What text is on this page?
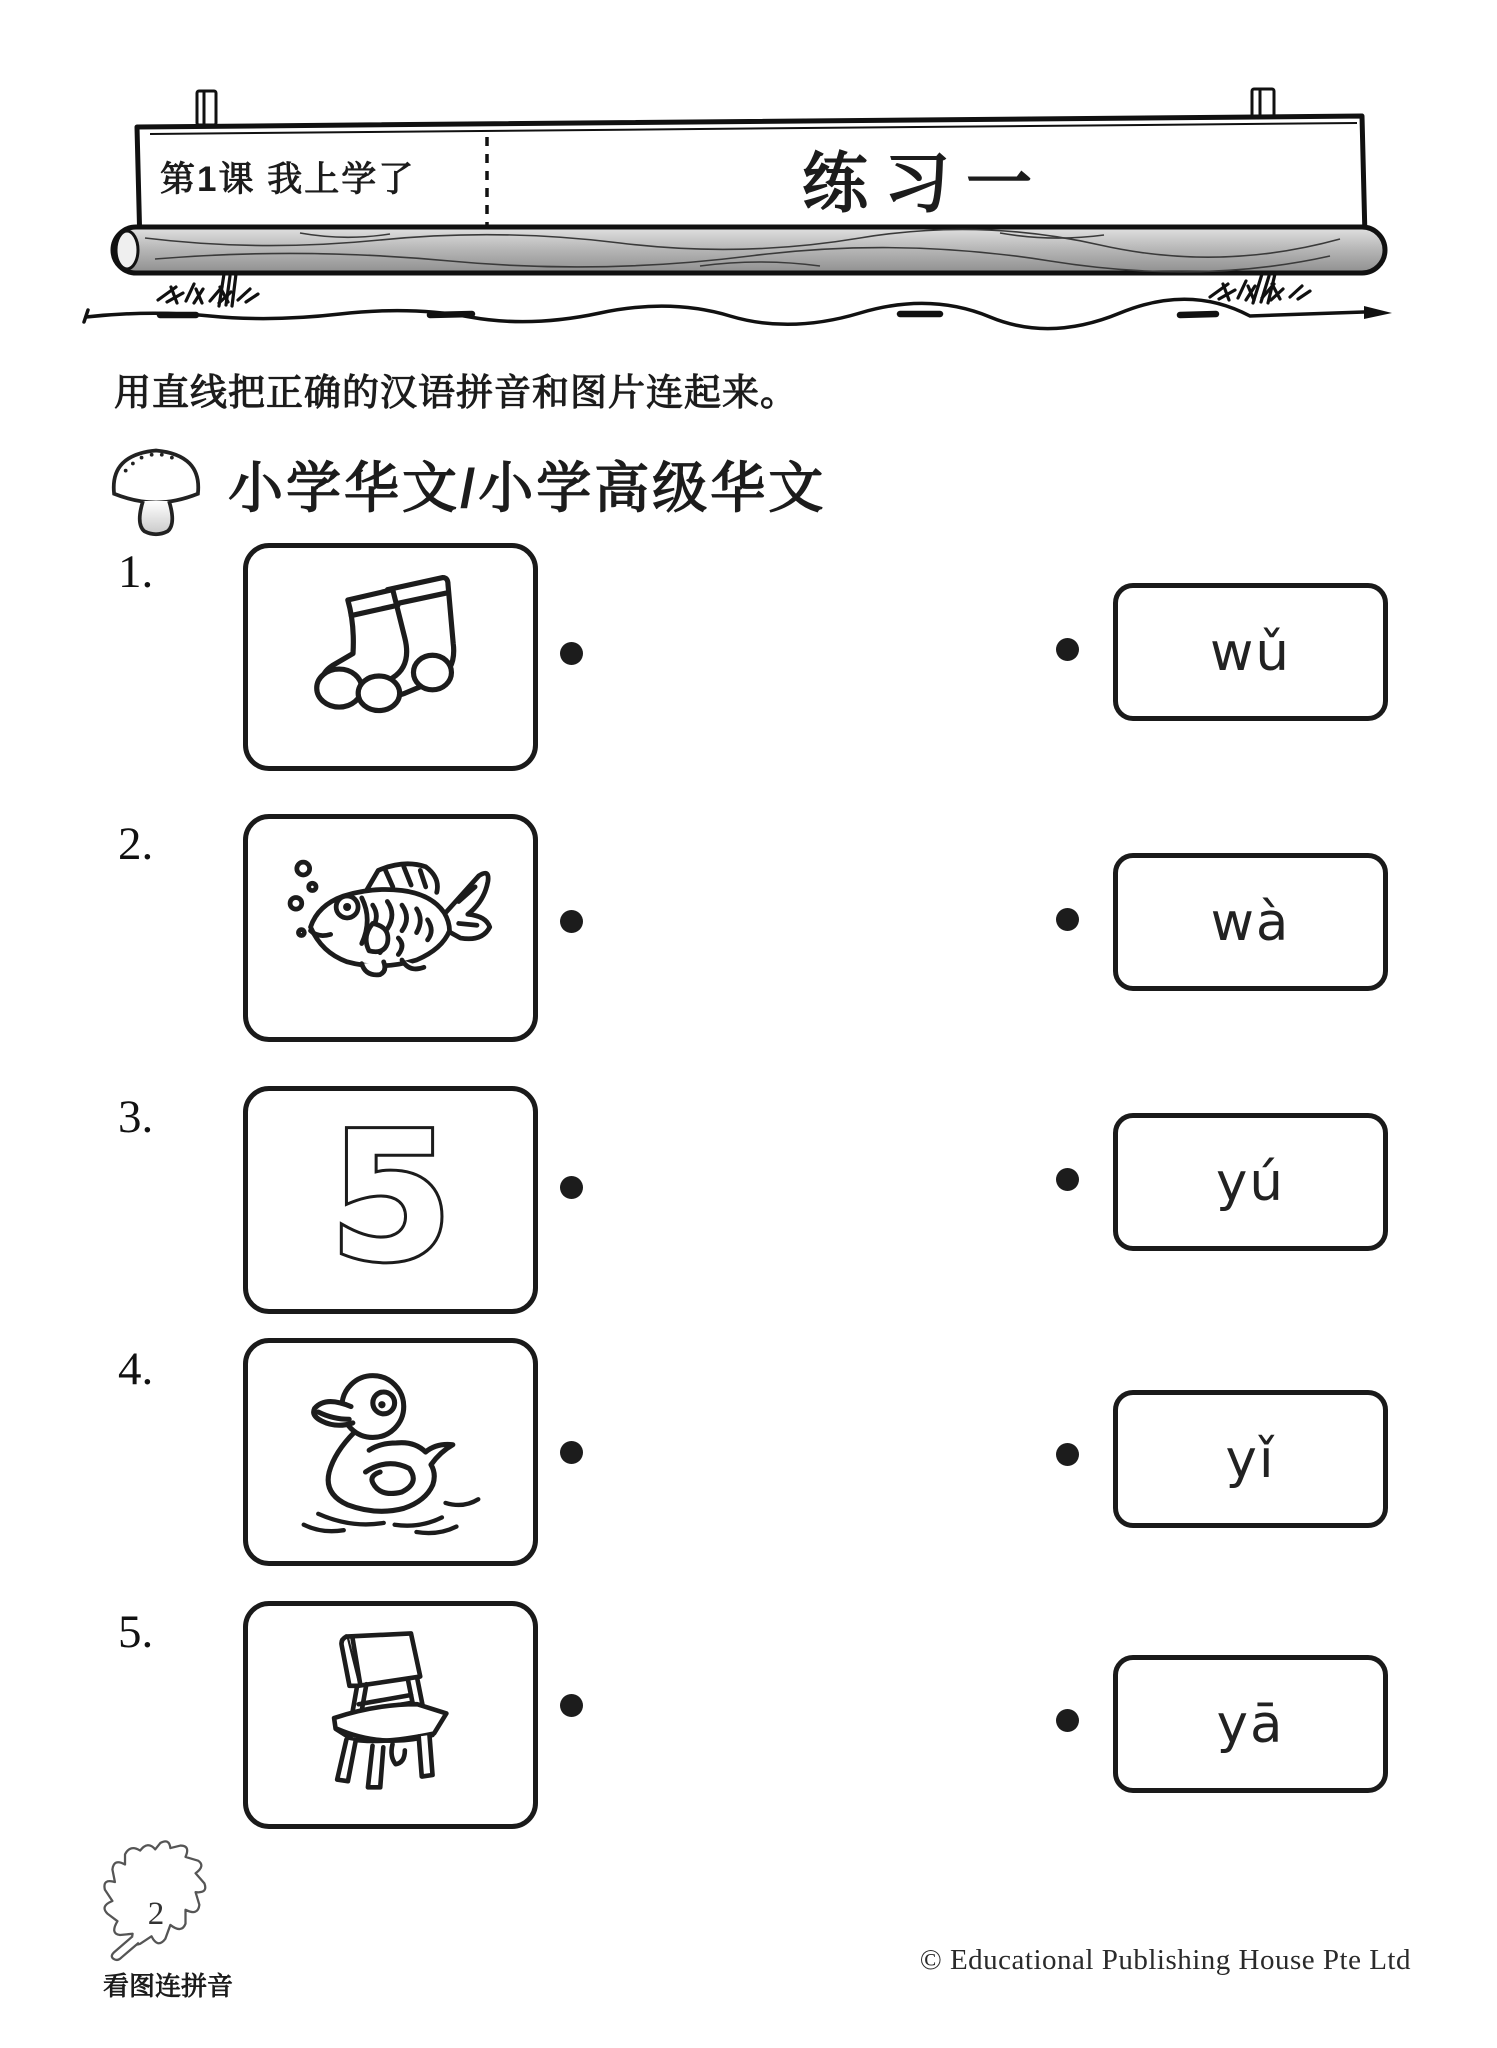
第1课 我上学了	练习一
用直线把正确的汉语拼音和图片连起来。
小学华文/小学高级华文
1.
2.
3.
4.
5.
5
wǔ
wà
yú
yǐ
yā
2
看图连拼音
© Educational Publishing House Pte Ltd
